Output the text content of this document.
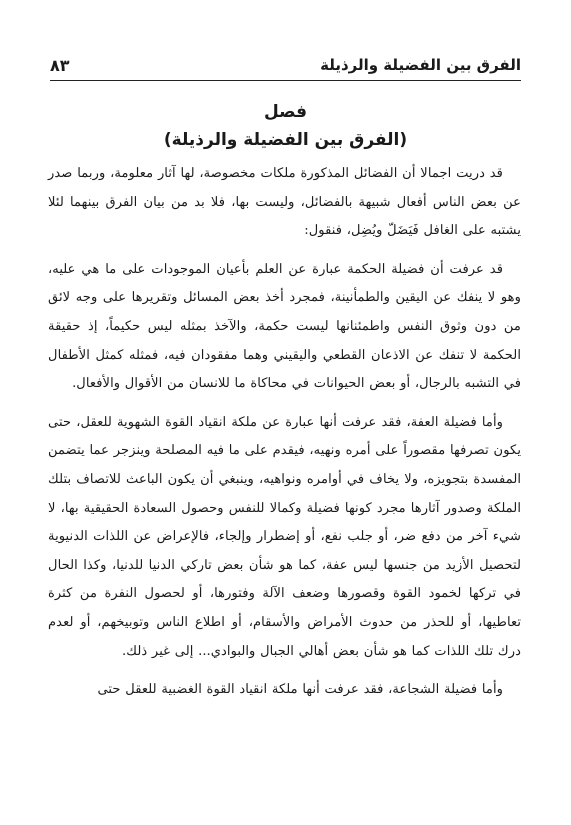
٨٣	الفرق بين الفضيلة والرذيلة
فصل
(الفرق بين الفضيلة والرذيلة)

قد دريت اجمالا أن الفضائل المذكورة ملكات مخصوصة، لها آثار معلومة، وربما صدر عن بعض الناس أفعال شبيهة بالفضائل، وليست بها، فلا بد من بيان الفرق بينهما لئلا يشتبه على الغافل فَيَضَلّ ويُضِل، فنقول:

قد عرفت أن فضيلة الحكمة عبارة عن العلم بأعيان الموجودات على ما هي عليه، وهو لا ينفك عن اليقين والطمأنينة، فمجرد أخذ بعض المسائل وتقريرها على وجه لائق من دون وثوق النفس واطمئنانها ليست حكمة، والآخذ بمثله ليس حكيماً، إذ حقيقة الحكمة لا تنفك عن الاذعان القطعي واليقيني وهما مفقودان فيه، فمثله كمثل الأطفال في التشبه بالرجال، أو بعض الحيوانات في محاكاة ما للانسان من الأقوال والأفعال.

وأما فضيلة العفة، فقد عرفت أنها عبارة عن ملكة انقياد القوة الشهوية للعقل، حتى يكون تصرفها مقصوراً على أمره ونهيه، فيقدم على ما فيه المصلحة وينزجر عما يتضمن المفسدة بتجويزه، ولا يخاف في أوامره ونواهيه، وينبغي أن يكون الباعث للاتصاف بتلك الملكة وصدور آثارها مجرد كونها فضيلة وكمالا للنفس وحصول السعادة الحقيقية بها، لا شيء آخر من دفع ضر، أو جلب نفع، أو إضطرار وإلجاء، فالإعراض عن اللذات الدنيوية لتحصيل الأزيد من جنسها ليس عفة، كما هو شأن بعض تاركي الدنيا للدنيا، وكذا الحال في تركها لخمود القوة وقصورها وضعف الآلة وفتورها، أو لحصول النفرة من كثرة تعاطيها، أو للحذر من حدوث الأمراض والأسقام، أو اطلاع الناس وتوبيخهم، أو لعدم درك تلك اللذات كما هو شأن بعض أهالي الجبال والبوادي... إلى غير ذلك.

وأما فضيلة الشجاعة، فقد عرفت أنها ملكة انقياد القوة الغضبية للعقل حتى
